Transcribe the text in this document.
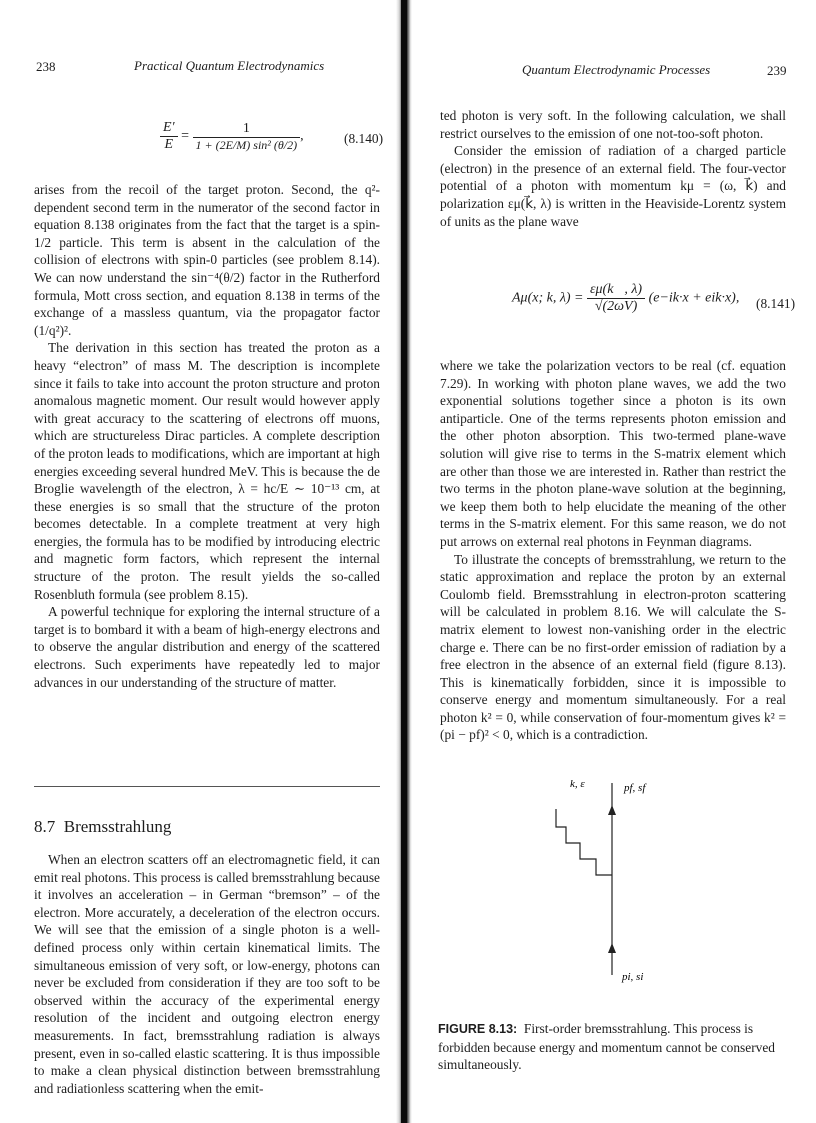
238	Practical Quantum Electrodynamics
$\frac{E'}{E} = \frac{1}{\text{1 + (2E/M) sin² (θ/2)}}$ ,	(8.140)

arises from the recoil of the target proton. Second, the q²-dependent second term in the numerator of the second factor in equation 8.138 originates from the fact that the target is a spin-1/2 particle. This term is absent in the calculation of the collision of electrons with spin-0 particles (see problem 8.14). We can now understand the sin⁻⁴(θ/2) factor in the Rutherford formula, Mott cross section, and equation 8.138 in terms of the exchange of a massless quantum, via the propagator factor (1/q²)².

The derivation in this section has treated the proton as a heavy “electron” of mass M. The description is incomplete since it fails to take into account the proton structure and proton anomalous magnetic moment. Our result would however apply with great accuracy to the scattering of electrons off muons, which are structureless Dirac particles. A complete description of the proton leads to modifications, which are important at high energies exceeding several hundred MeV. This is because the de Broglie wavelength of the electron, λ = hc/E ∼ 10⁻¹³ cm, at these energies is so small that the structure of the proton becomes detectable. In a complete treatment at very high energies, the formula has to be modified by introducing electric and magnetic form factors, which represent the internal structure of the proton. The result yields the so-called Rosenbluth formula (see problem 8.15).

A powerful technique for exploring the internal structure of a target is to bombard it with a beam of high-energy electrons and to observe the angular distribution and energy of the scattered electrons. Such experiments have repeatedly led to major advances in our understanding of the structure of matter.

8.7 Bremsstrahlung

When an electron scatters off an electromagnetic field, it can emit real photons. This process is called bremsstrahlung because it involves an acceleration – in German “bremson” – of the electron. More accurately, a deceleration of the electron occurs. We will see that the emission of a single photon is a well-defined process only within certain kinematical limits. The simultaneous emission of very soft, or low-energy, photons can never be excluded from consideration if they are too soft to be observed within the accuracy of the experimental energy resolution of the incident and outgoing electron energy measurements. In fact, bremsstrahlung radiation is always present, even in so-called elastic scattering. It is thus impossible to make a clean physical distinction between bremsstrahlung and radiationless scattering when the emit-

Quantum Electrodynamic Processes	239

ted photon is very soft. In the following calculation, we shall restrict ourselves to the emission of one not-too-soft photon.

Consider the emission of radiation of a charged particle (electron) in the presence of an external field. The four-vector potential of a photon with momentum kμ = (ω, k⃗) and polarization εμ(k⃗, λ) is written in the Heaviside-Lorentz system of units as the plane wave

Aμ(x; k, $\lambda) = \frac{\varepsilon\mu(k⃗, \lambda)}{√(2\omega V)} (e-ik\cdot x + eik\cdot x)$, (8.141)

where we take the polarization vectors to be real (cf. equation 7.29). In working with photon plane waves, we add the two exponential solutions together since a photon is its own antiparticle. One of the terms represents photon emission and the other photon absorption. This two-termed plane-wave solution will give rise to terms in the S-matrix element which are other than those we are interested in. Rather than restrict the two terms in the photon plane-wave solution at the beginning, we keep them both to help elucidate the meaning of the other terms in the S-matrix element. For this same reason, we do not put arrows on external real photons in Feynman diagrams.

To illustrate the concepts of bremsstrahlung, we return to the static approximation and replace the proton by an external Coulomb field. Bremsstrahlung in electron-proton scattering will be calculated in problem 8.16. We will calculate the S-matrix element to lowest non-vanishing order in the electric charge e. There can be no first-order emission of radiation by a free electron in the absence of an external field (figure 8.13). This is kinematically forbidden, since it is impossible to conserve energy and momentum simultaneously. For a real photon k² = 0, while conservation of four-momentum gives k² = (pi − pf)² < 0, which is a contradiction.

k, ε	pf, sf
pi, si
FIGURE 8.13: First-order bremsstrahlung. This process is forbidden because energy and momentum cannot be conserved simultaneously.
